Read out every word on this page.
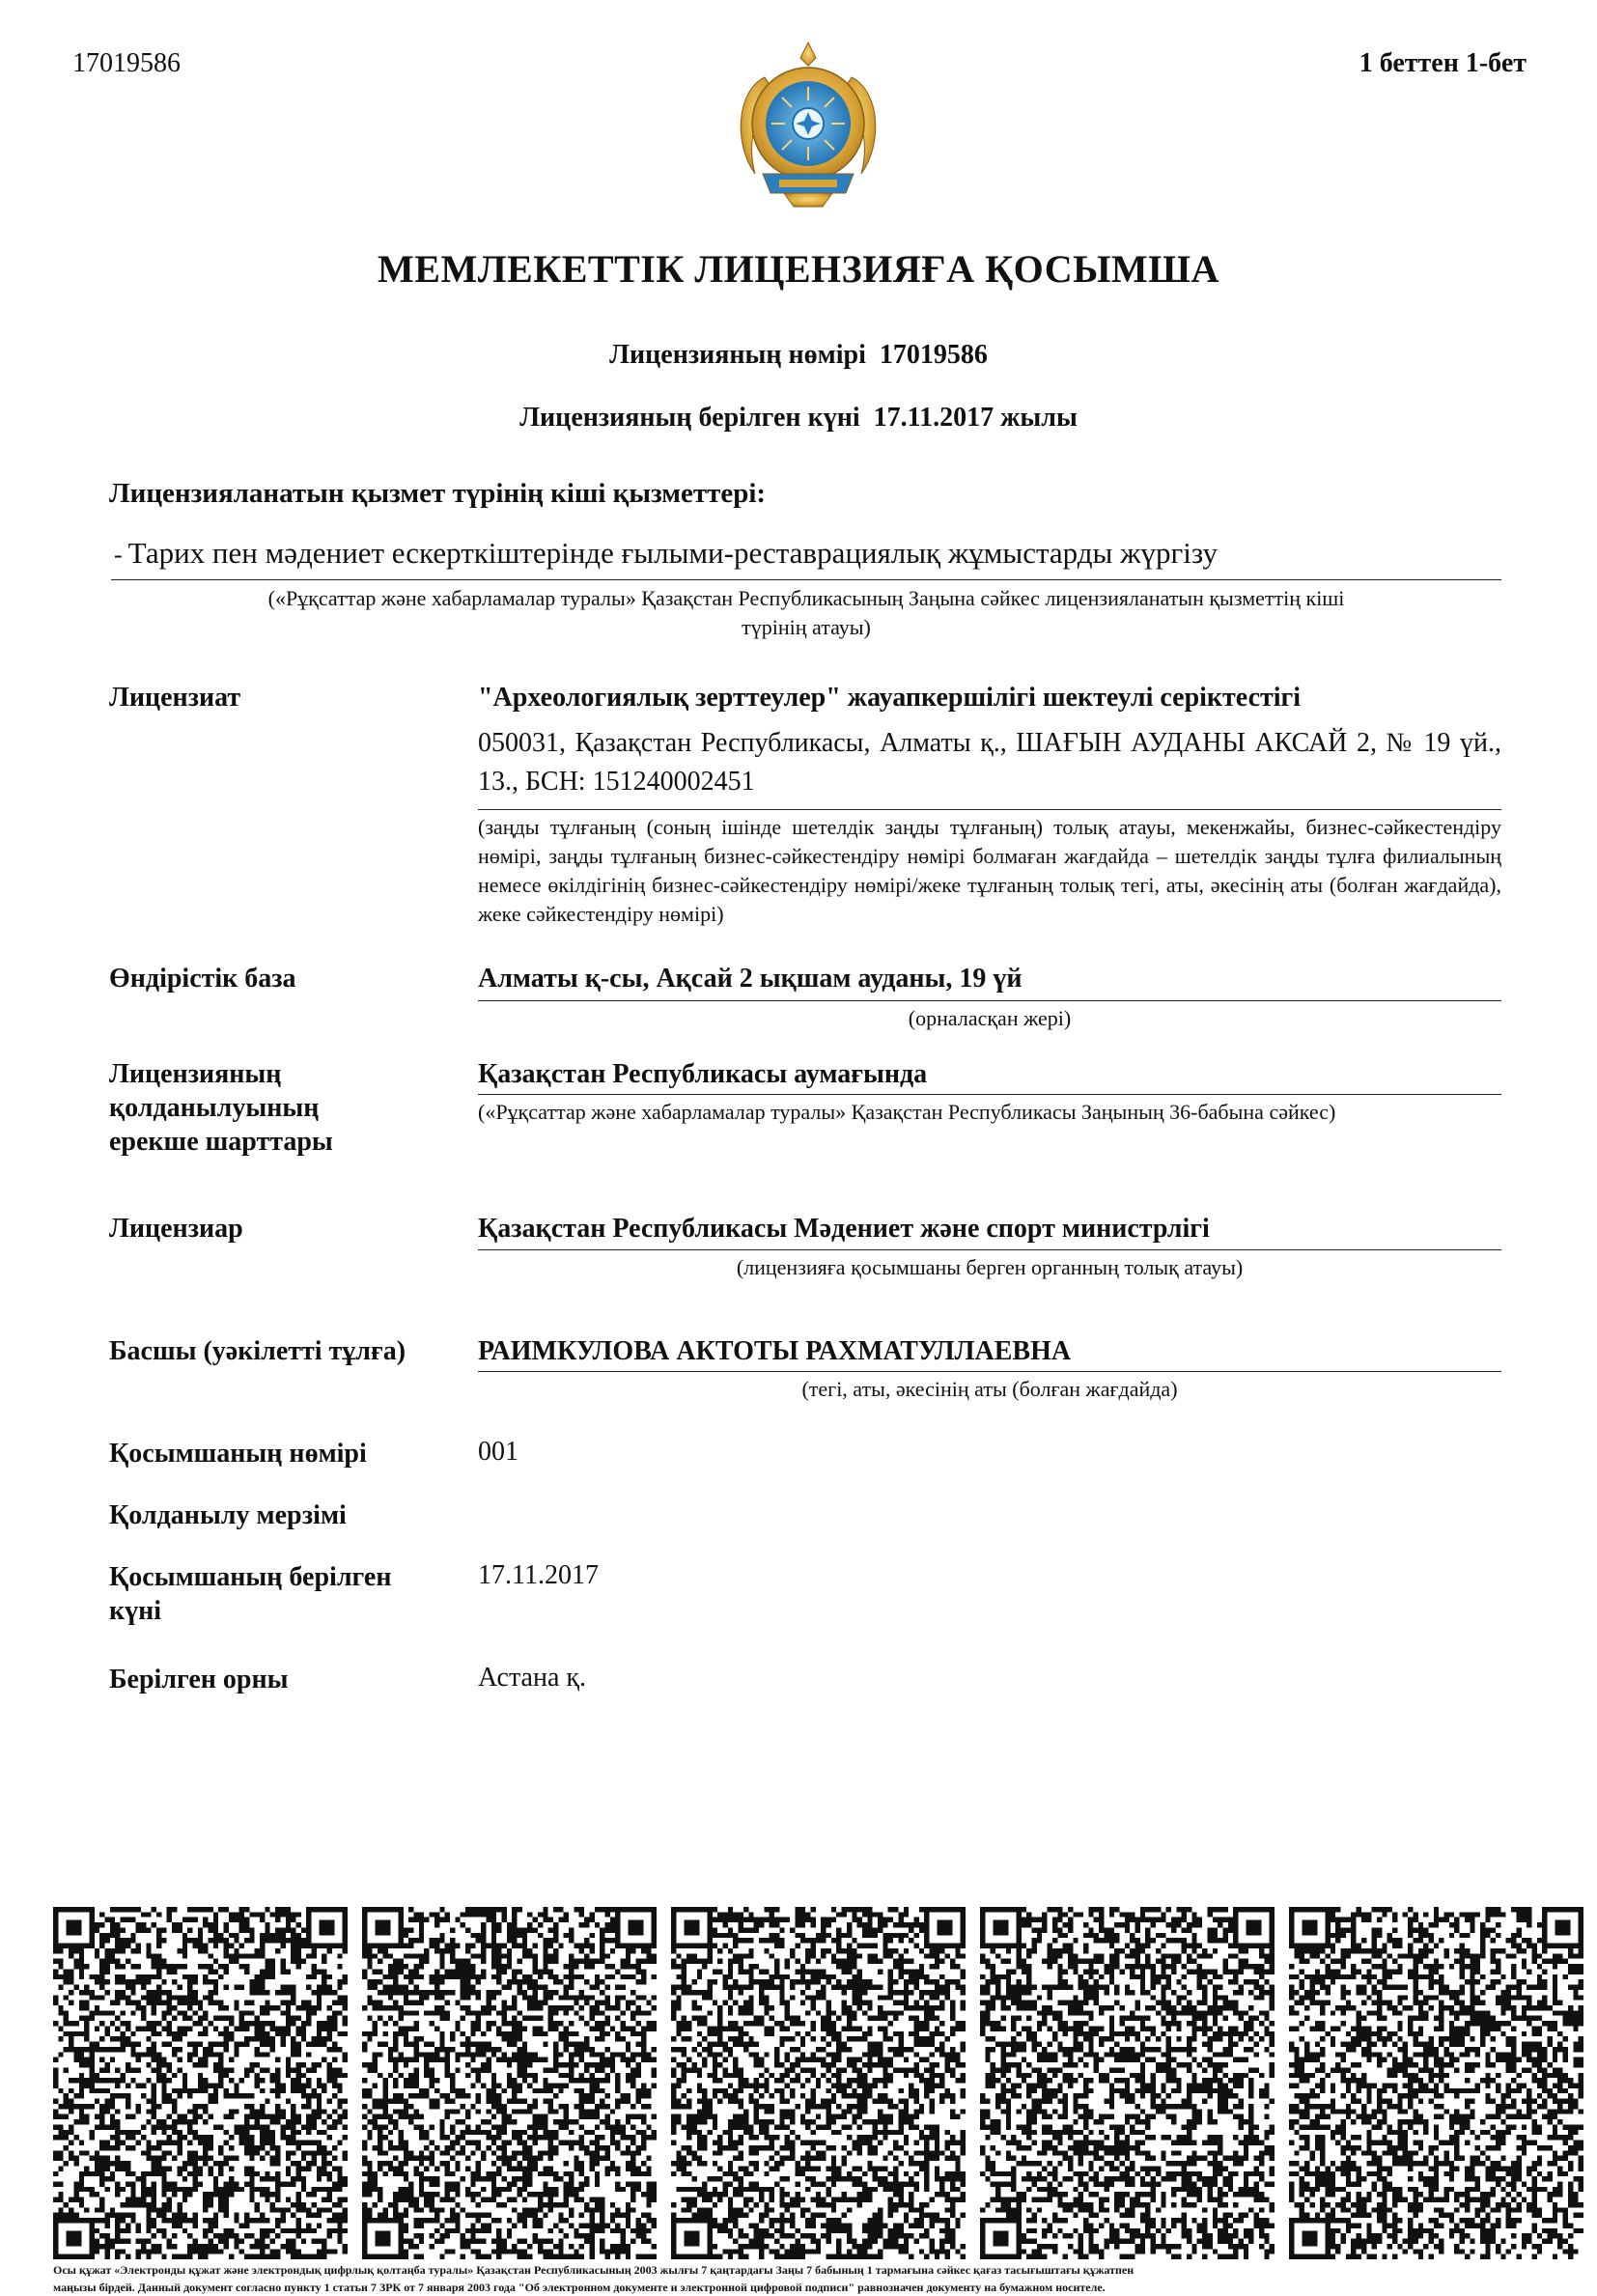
17019586	1 беттен 1-бет
МЕМЛЕКЕТТІК ЛИЦЕНЗИЯҒА ҚОСЫМША
Лицензияның нөмірі 17019586
Лицензияның берілген күні 17.11.2017 жылы
Лицензияланатын қызмет түрінің кіші қызметтері:
- Тарих пен мәдениет ескерткіштерінде ғылыми-реставрациялық жұмыстарды жүргізу
(«Рұқсаттар және хабарламалар туралы» Қазақстан Республикасының Заңына сәйкес лицензияланатын қызметтің кіші
түрінің атауы)
Лицензиат	"Археологиялық зерттеулер" жауапкершілігі шектеулі серіктестігі
050031, Қазақстан Республикасы, Алматы қ., ШАҒЫН АУДАНЫ АКСАЙ 2, № 19 үй., 13., БСН: 151240002451
(заңды тұлғаның (соның ішінде шетелдік заңды тұлғаның) толық атауы, мекенжайы, бизнес-сәйкестендіру нөмірі, заңды тұлғаның бизнес-сәйкестендіру нөмірі болмаған жағдайда – шетелдік заңды тұлға филиалының немесе өкілдігінің бизнес-сәйкестендіру нөмірі/жеке тұлғаның толық тегі, аты, әкесінің аты (болған жағдайда), жеке сәйкестендіру нөмірі)
Өндірістік база	Алматы қ-сы, Ақсай 2 ықшам ауданы, 19 үй
(орналасқан жері)
Лицензияның
қолданылуының
ерекше шарттары
Қазақстан Республикасы аумағында
(«Рұқсаттар және хабарламалар туралы» Қазақстан Республикасы Заңының 36-бабына сәйкес)
Лицензиар	Қазақстан Республикасы Мәдениет және спорт министрлігі
(лицензияға қосымшаны берген органның толық атауы)
Басшы (уәкілетті тұлға)	РАИМКУЛОВА АКТОТЫ РАХМАТУЛЛАЕВНА
(тегі, аты, әкесінің аты (болған жағдайда)
Қосымшаның нөмірі	001
Қолданылу мерзімі
Қосымшаның берілген
күні
17.11.2017
Берілген орны	Астана қ.
Осы құжат «Электронды құжат және электрондық цифрлық қолтаңба туралы» Қазақстан Республикасының 2003 жылғы 7 қаңтардағы Заңы 7 бабының 1 тармағына сәйкес қағаз тасығыштағы құжатпен
маңызы бірдей. Данный документ согласно пункту 1 статьи 7 ЗРК от 7 января 2003 года "Об электронном документе и электронной цифровой подписи" равнозначен документу на бумажном носителе.
